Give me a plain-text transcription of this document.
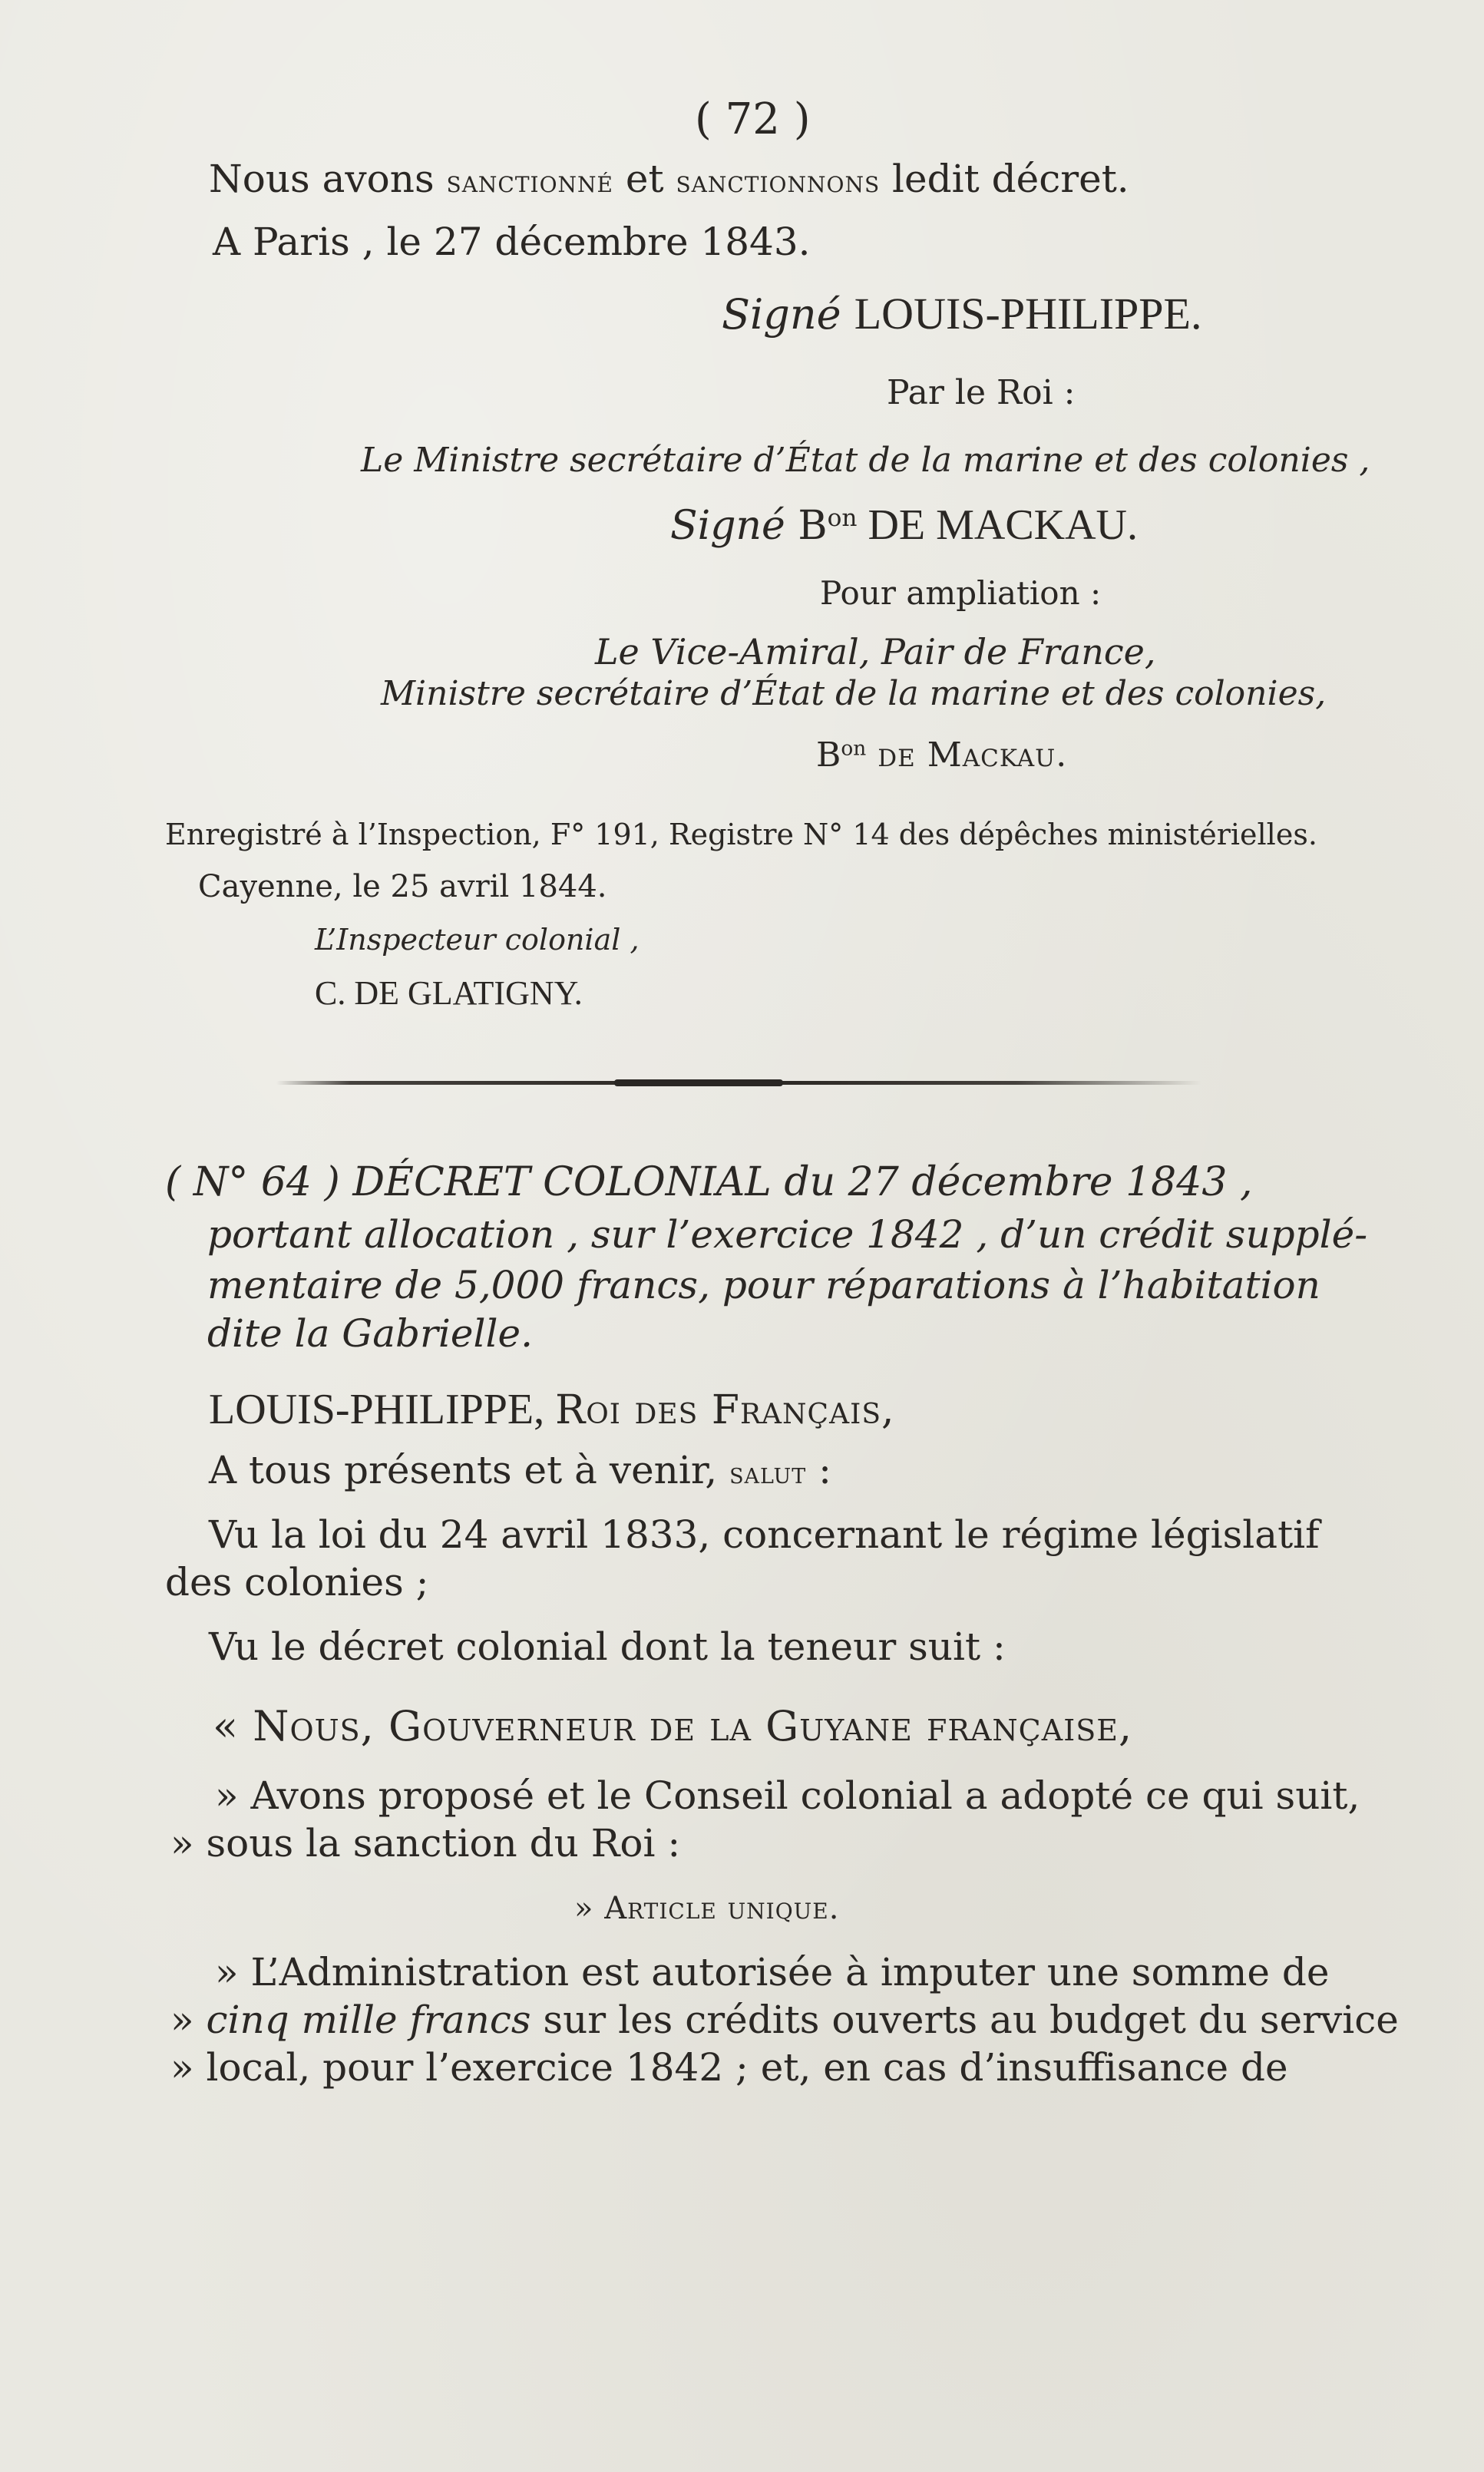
( 72 )
Nous avons sanctionné et sanctionnons ledit décret.
A Paris , le 27 décembre 1843.
Signé LOUIS-PHILIPPE.
Par le Roi :
Le Ministre secrétaire d’État de la marine et des colonies ,
Signé $B^{on}$ DE MACKAU.
Pour ampliation :
Le Vice-Amiral, Pair de France,
Ministre secrétaire d’État de la marine et des colonies,
$B^{on}$ de Mackau.
Enregistré à l’Inspection, F° 191, Registre N° 14 des dépêches ministérielles.
Cayenne, le 25 avril 1844.
L’Inspecteur colonial ,
C. DE GLATIGNY.
( N° 64 ) DÉCRET COLONIAL du 27 décembre 1843 ,
portant allocation , sur l’exercice 1842 , d’un crédit supplé-
mentaire de 5,000 francs, pour réparations à l’habitation
dite la Gabrielle.
LOUIS-PHILIPPE, Roi des Français,
A tous présents et à venir, salut :
Vu la loi du 24 avril 1833, concernant le régime législatif
des colonies ;
Vu le décret colonial dont la teneur suit :
« Nous, Gouverneur de la Guyane française,
» Avons proposé et le Conseil colonial a adopté ce qui suit,
» sous la sanction du Roi :
» Article unique.
» L’Administration est autorisée à imputer une somme de
» cinq mille francs sur les crédits ouverts au budget du service
» local, pour l’exercice 1842 ; et, en cas d’insuffisance de
